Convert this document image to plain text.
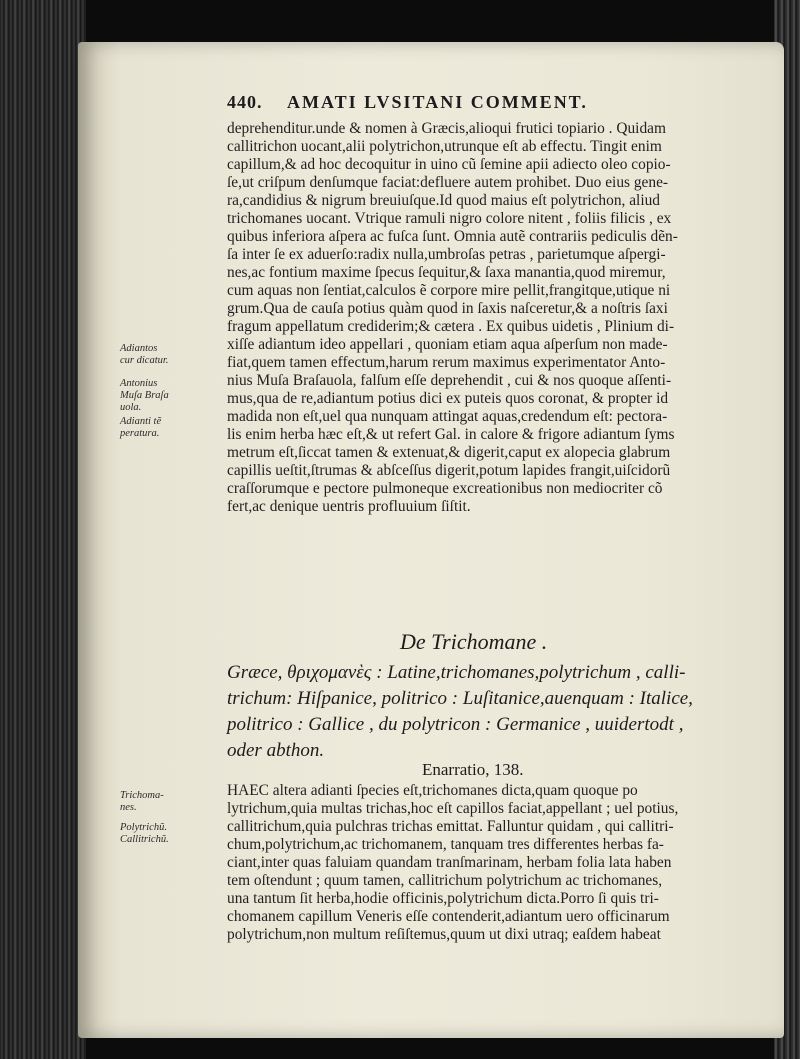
440. AMATI LVSITANI COMMENT.
deprehenditur.unde & nomen à Græcis,alioqui frutici topiario . Quidam
callitrichon uocant,alii polytrichon,utrunque eſt ab effectu. Tingit enim
capillum,& ad hoc decoquitur in uino cũ ſemine apii adiecto oleo copio-
ſe,ut criſpum denſumque faciat:defluere autem prohibet. Duo eius gene-
ra,candidius & nigrum breuiuſque.Id quod maius eſt polytrichon, aliud
trichomanes uocant. Vtrique ramuli nigro colore nitent , foliis filicis , ex
quibus inferiora aſpera ac fuſca ſunt. Omnia autẽ contrariis pediculis dẽn-
ſa inter ſe ex aduerſo:radix nulla,umbroſas petras , parietumque aſpergi-
nes,ac fontium maxime ſpecus ſequitur,& ſaxa manantia,quod miremur,
cum aquas non ſentiat,calculos ẽ corpore mire pellit,frangitque,utique ni
grum.Qua de cauſa potius quàm quod in ſaxis naſceretur,& a noſtris ſaxi
fragum appellatum crediderim;& cætera . Ex quibus uidetis , Plinium di-
xiſſe adiantum ideo appellari , quoniam etiam aqua aſperſum non made-
fiat,quem tamen effectum,harum rerum maximus experimentator Anto-
nius Muſa Braſauola, falſum eſſe deprehendit , cui & nos quoque aſſenti-
mus,qua de re,adiantum potius dici ex puteis quos coronat, & propter id
madida non eſt,uel qua nunquam attingat aquas,credendum eſt: pectora-
lis enim herba hæc eſt,& ut refert Gal. in calore & frigore adiantum ſyms
metrum eſt,ſiccat tamen & extenuat,& digerit,caput ex alopecia glabrum
capillis ueſtit,ſtrumas & abſceſſus digerit,potum lapides frangit,uiſcidorũ
craſſorumque e pectore pulmoneque excreationibus non mediocriter cõ
fert,ac denique uentris profluuium ſiſtit.
Adiantos
cur dicatur.
Antonius
Muſa Braſa
uola.
Adianti tẽ
peratura.
De Trichomane .
Græce, θριχομανὲς : Latine,trichomanes,polytrichum , calli-
trichum: Hiſpanice, politrico : Luſitanice,auenquam : Italice,
politrico : Gallice , du polytricon : Germanice , uuidertodt ,
oder abthon.
Enarratio, 138.
HAEC altera adianti ſpecies eſt,trichomanes dicta,quam quoque po
lytrichum,quia multas trichas,hoc eſt capillos faciat,appellant ; uel potius,
callitrichum,quia pulchras trichas emittat. Falluntur quidam , qui callitri-
chum,polytrichum,ac trichomanem, tanquam tres differentes herbas fa-
ciant,inter quas faluiam quandam tranſmarinam, herbam folia lata haben
tem oſtendunt ; quum tamen, callitrichum polytrichum ac trichomanes,
una tantum ſit herba,hodie officinis,polytrichum dicta.Porro ſi quis tri-
chomanem capillum Veneris eſſe contenderit,adiantum uero officinarum
polytrichum,non multum reſiſtemus,quum ut dixi utraq; eaſdem habeat
Trichoma-
nes.
Polytrichũ.
Callitrichũ.
